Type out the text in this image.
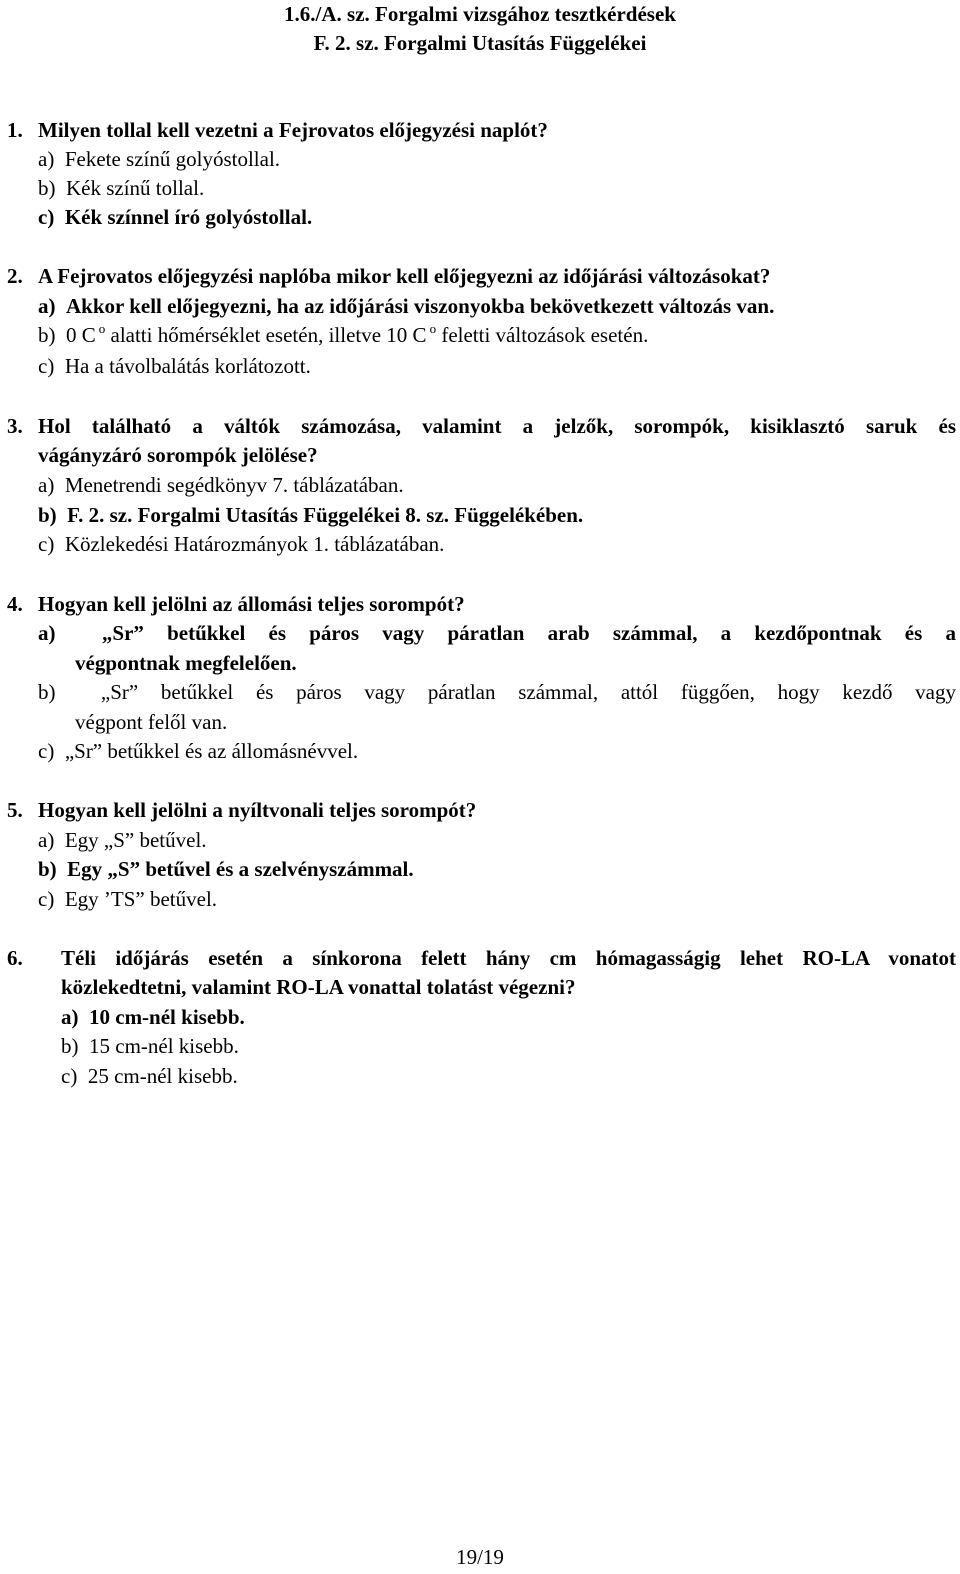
1.6./A. sz. Forgalmi vizsgához tesztkérdések
F. 2. sz. Forgalmi Utasítás Függelékei
1. Milyen tollal kell vezetni a Fejrovatos előjegyzési naplót?
a)  Fekete színű golyóstollal.
b)  Kék színű tollal.
c)  Kék színnel író golyóstollal.
2. A Fejrovatos előjegyzési naplóba mikor kell előjegyezni az időjárási változásokat?
a)  Akkor kell előjegyezni, ha az időjárási viszonyokba bekövetkezett változás van.
b)  0 C $^o$ alatti hőmérséklet esetén, illetve 10 C $^o$ feletti változások esetén.
c)  Ha a távolbalátás korlátozott.
3. Hol található a váltók számozása, valamint a jelzők, sorompók, kisiklasztó saruk és
vágányzáró sorompók jelölése?
a)  Menetrendi segédkönyv 7. táblázatában.
b)  F. 2. sz. Forgalmi Utasítás Függelékei 8. sz. Függelékében.
c)  Közlekedési Határozmányok 1. táblázatában.
4. Hogyan kell jelölni az állomási teljes sorompót?
a)  „Sr” betűkkel és páros vagy páratlan arab számmal, a kezdőpontnak és a
végpontnak megfelelően.
b)  „Sr” betűkkel és páros vagy páratlan számmal, attól függően, hogy kezdő vagy
végpont felől van.
c)  „Sr” betűkkel és az állomásnévvel.
5. Hogyan kell jelölni a nyíltvonali teljes sorompót?
a)  Egy „S” betűvel.
b)  Egy „S” betűvel és a szelvényszámmal.
c)  Egy ’TS” betűvel.
6. Téli időjárás esetén a sínkorona felett hány cm hómagasságig lehet RO-LA vonatot
közlekedtetni, valamint RO-LA vonattal tolatást végezni?
a)  10 cm-nél kisebb.
b)  15 cm-nél kisebb.
c)  25 cm-nél kisebb.
19/19
